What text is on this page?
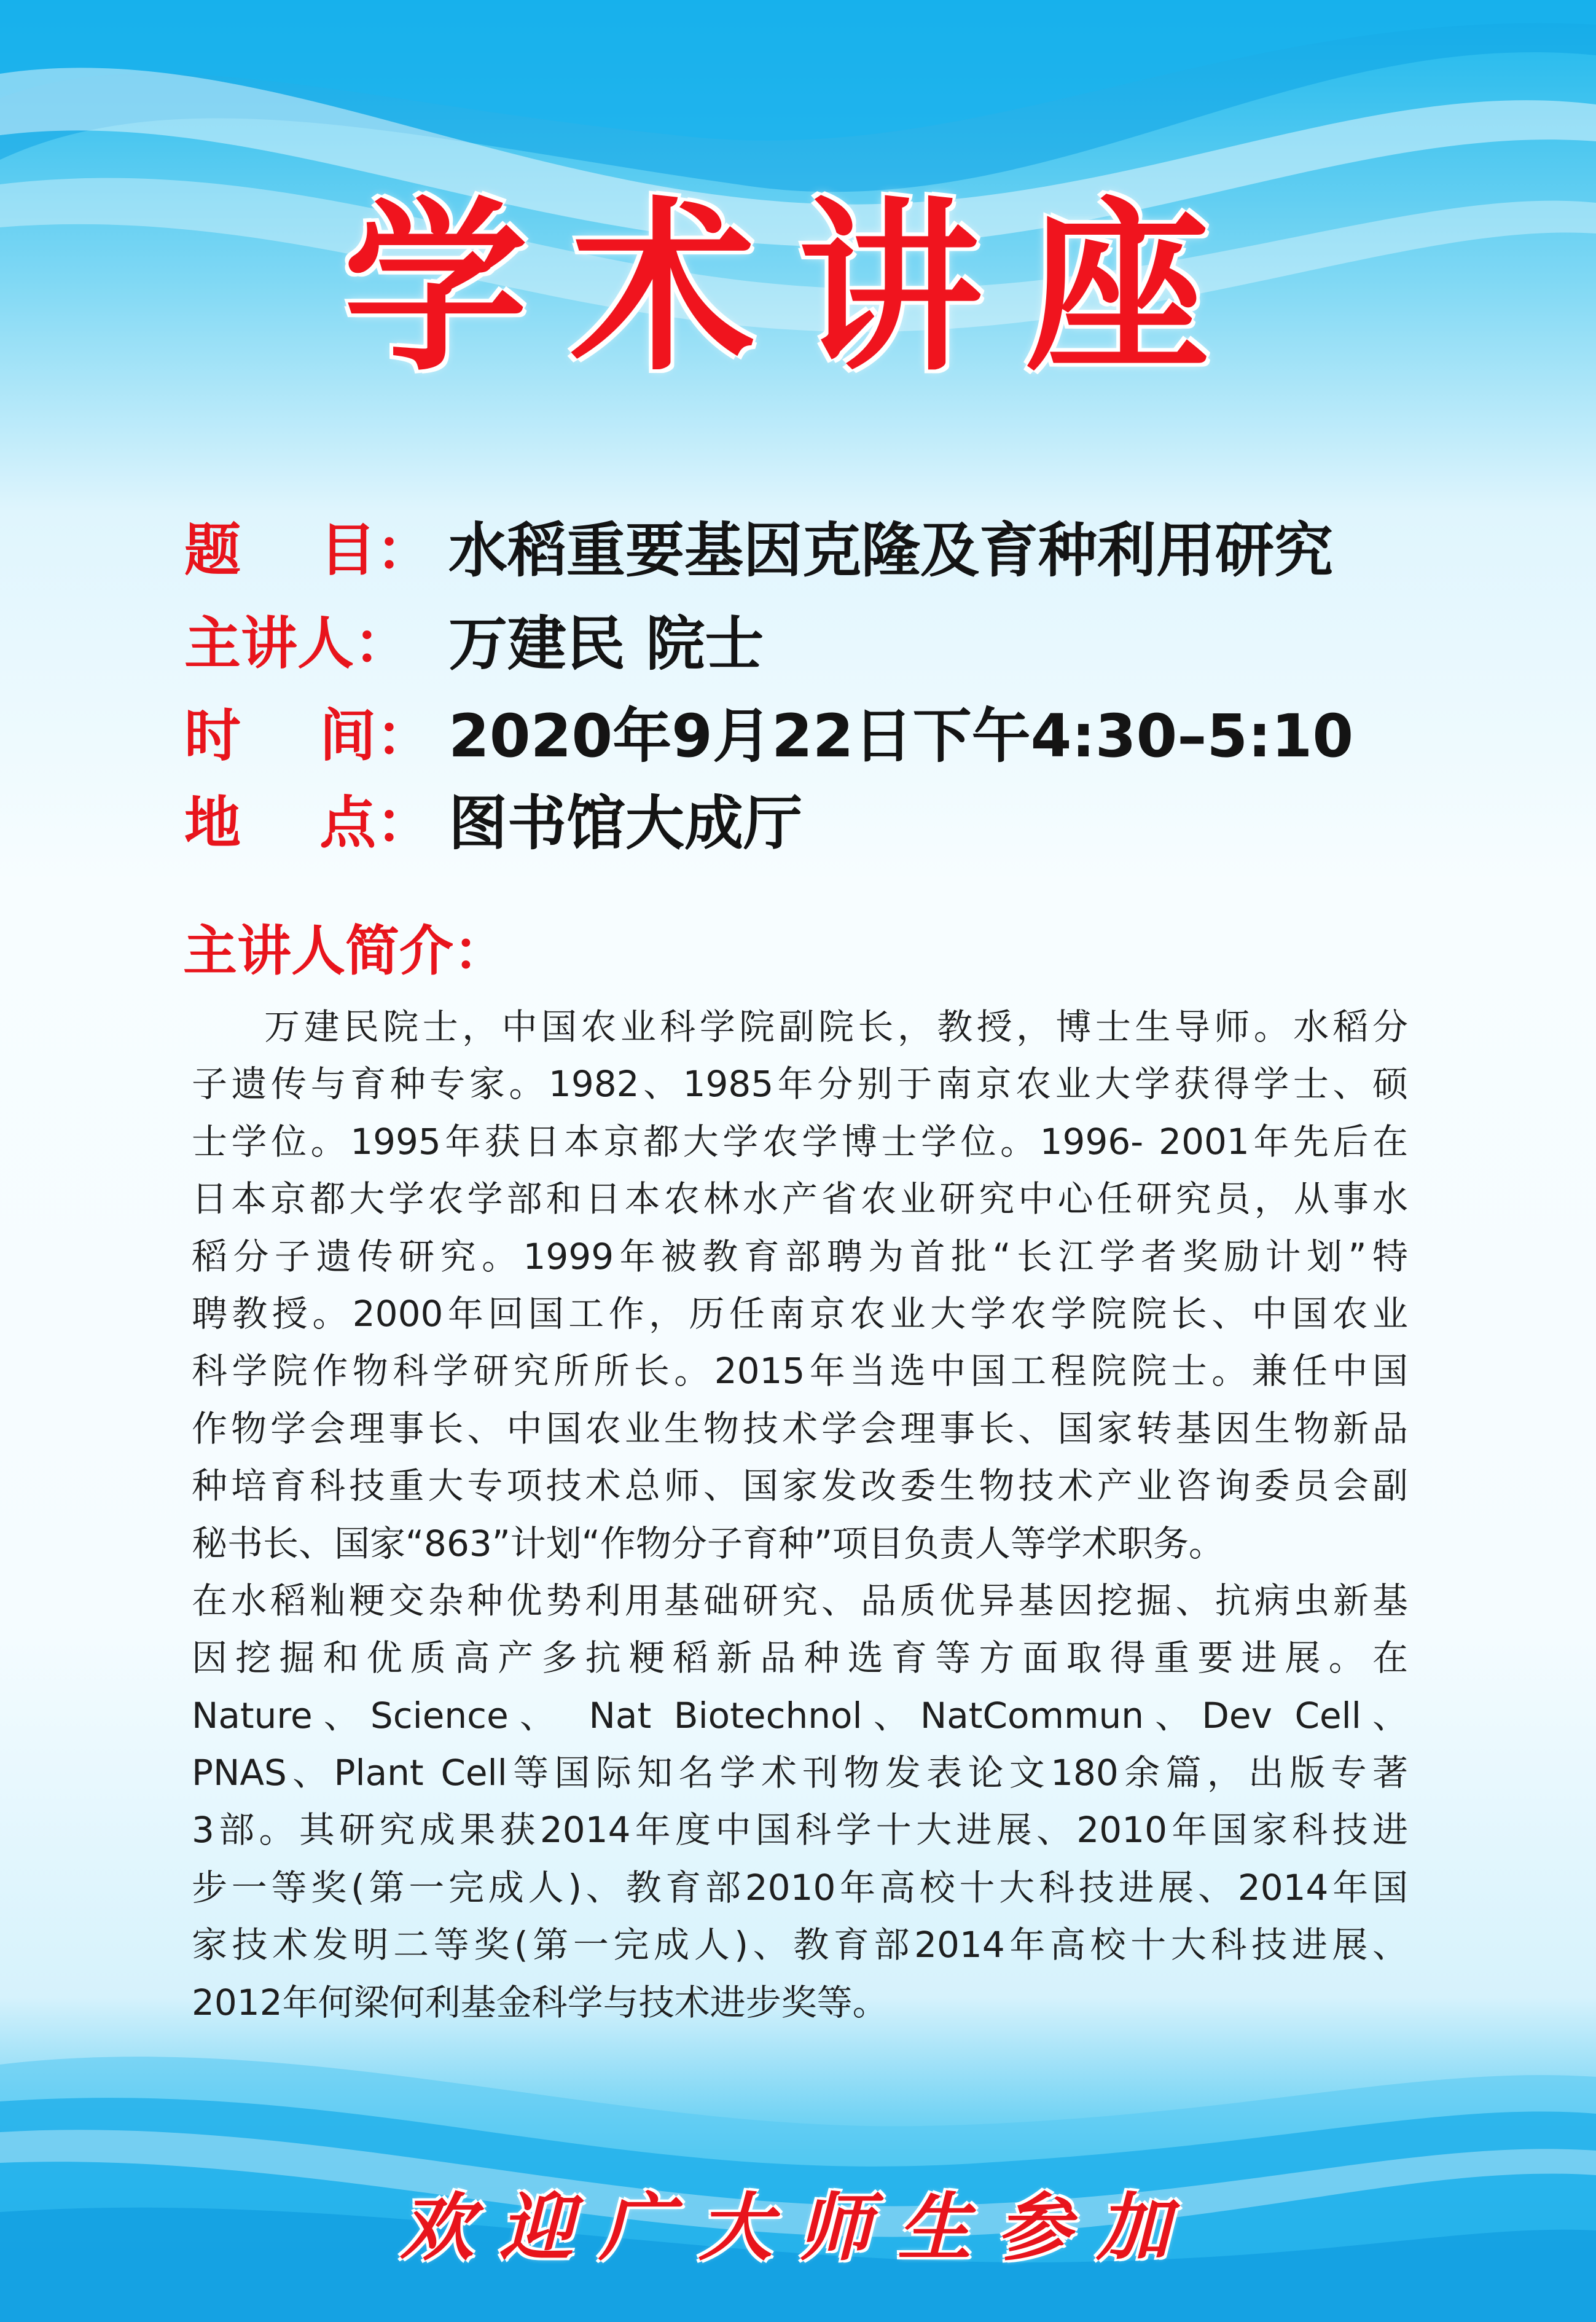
学术讲座
题    目： 水稻重要基因克隆及育种利用研究
主讲人： 万建民 院士
时    间： 2020年9月22日下午4:30–5:10
地    点： 图书馆大成厅
主讲人简介：
万建民院士，中国农业科学院副院长，教授，博士生导师。水稻分
子遗传与育种专家。1982、1985年分别于南京农业大学获得学士、硕
士学位。1995年获日本京都大学农学博士学位。1996- 2001年先后在
日本京都大学农学部和日本农林水产省农业研究中心任研究员，从事水
稻分子遗传研究。1999年被教育部聘为首批“长江学者奖励计划”特
聘教授。2000年回国工作，历任南京农业大学农学院院长、中国农业
科学院作物科学研究所所长。2015年当选中国工程院院士。兼任中国
作物学会理事长、中国农业生物技术学会理事长、国家转基因生物新品
种培育科技重大专项技术总师、国家发改委生物技术产业咨询委员会副
秘书长、国家“863”计划“作物分子育种”项目负责人等学术职务。
在水稻籼粳交杂种优势利用基础研究、品质优异基因挖掘、抗病虫新基
因挖掘和优质高产多抗粳稻新品种选育等方面取得重要进展。在
Nature、Science、 Nat Biotechnol、NatCommun、Dev Cell、
PNAS、Plant Cell等国际知名学术刊物发表论文180余篇，出版专著
3部。其研究成果获2014年度中国科学十大进展、2010年国家科技进
步一等奖(第一完成人)、教育部2010年高校十大科技进展、2014年国
家技术发明二等奖(第一完成人)、教育部2014年高校十大科技进展、
2012年何梁何利基金科学与技术进步奖等。
欢迎广大师生参加
